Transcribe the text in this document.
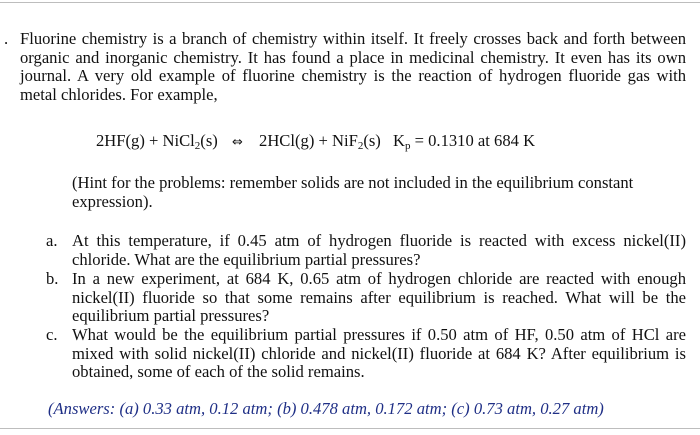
. Fluorine chemistry is a branch of chemistry within itself. It freely crosses back and forth between organic and inorganic chemistry. It has found a place in medicinal chemistry. It even has its own journal. A very old example of fluorine chemistry is the reaction of hydrogen fluoride gas with metal chlorides. For example,

2HF(g) + NiCl$_2$(s) ⇔ 2HCl(g) + NiF$_2$(s) $K_p = 0.1310$ at 684 K

(Hint for the problems: remember solids are not included in the equilibrium constant expression).

a. At this temperature, if 0.45 atm of hydrogen fluoride is reacted with excess nickel(II) chloride. What are the equilibrium partial pressures?
b. In a new experiment, at 684 K, 0.65 atm of hydrogen chloride are reacted with enough nickel(II) fluoride so that some remains after equilibrium is reached. What will be the equilibrium partial pressures?
c. What would be the equilibrium partial pressures if 0.50 atm of HF, 0.50 atm of HCl are mixed with solid nickel(II) chloride and nickel(II) fluoride at 684 K? After equilibrium is obtained, some of each of the solid remains.
(Answers: (a) 0.33 atm, 0.12 atm; (b) 0.478 atm, 0.172 atm; (c) 0.73 atm, 0.27 atm)
